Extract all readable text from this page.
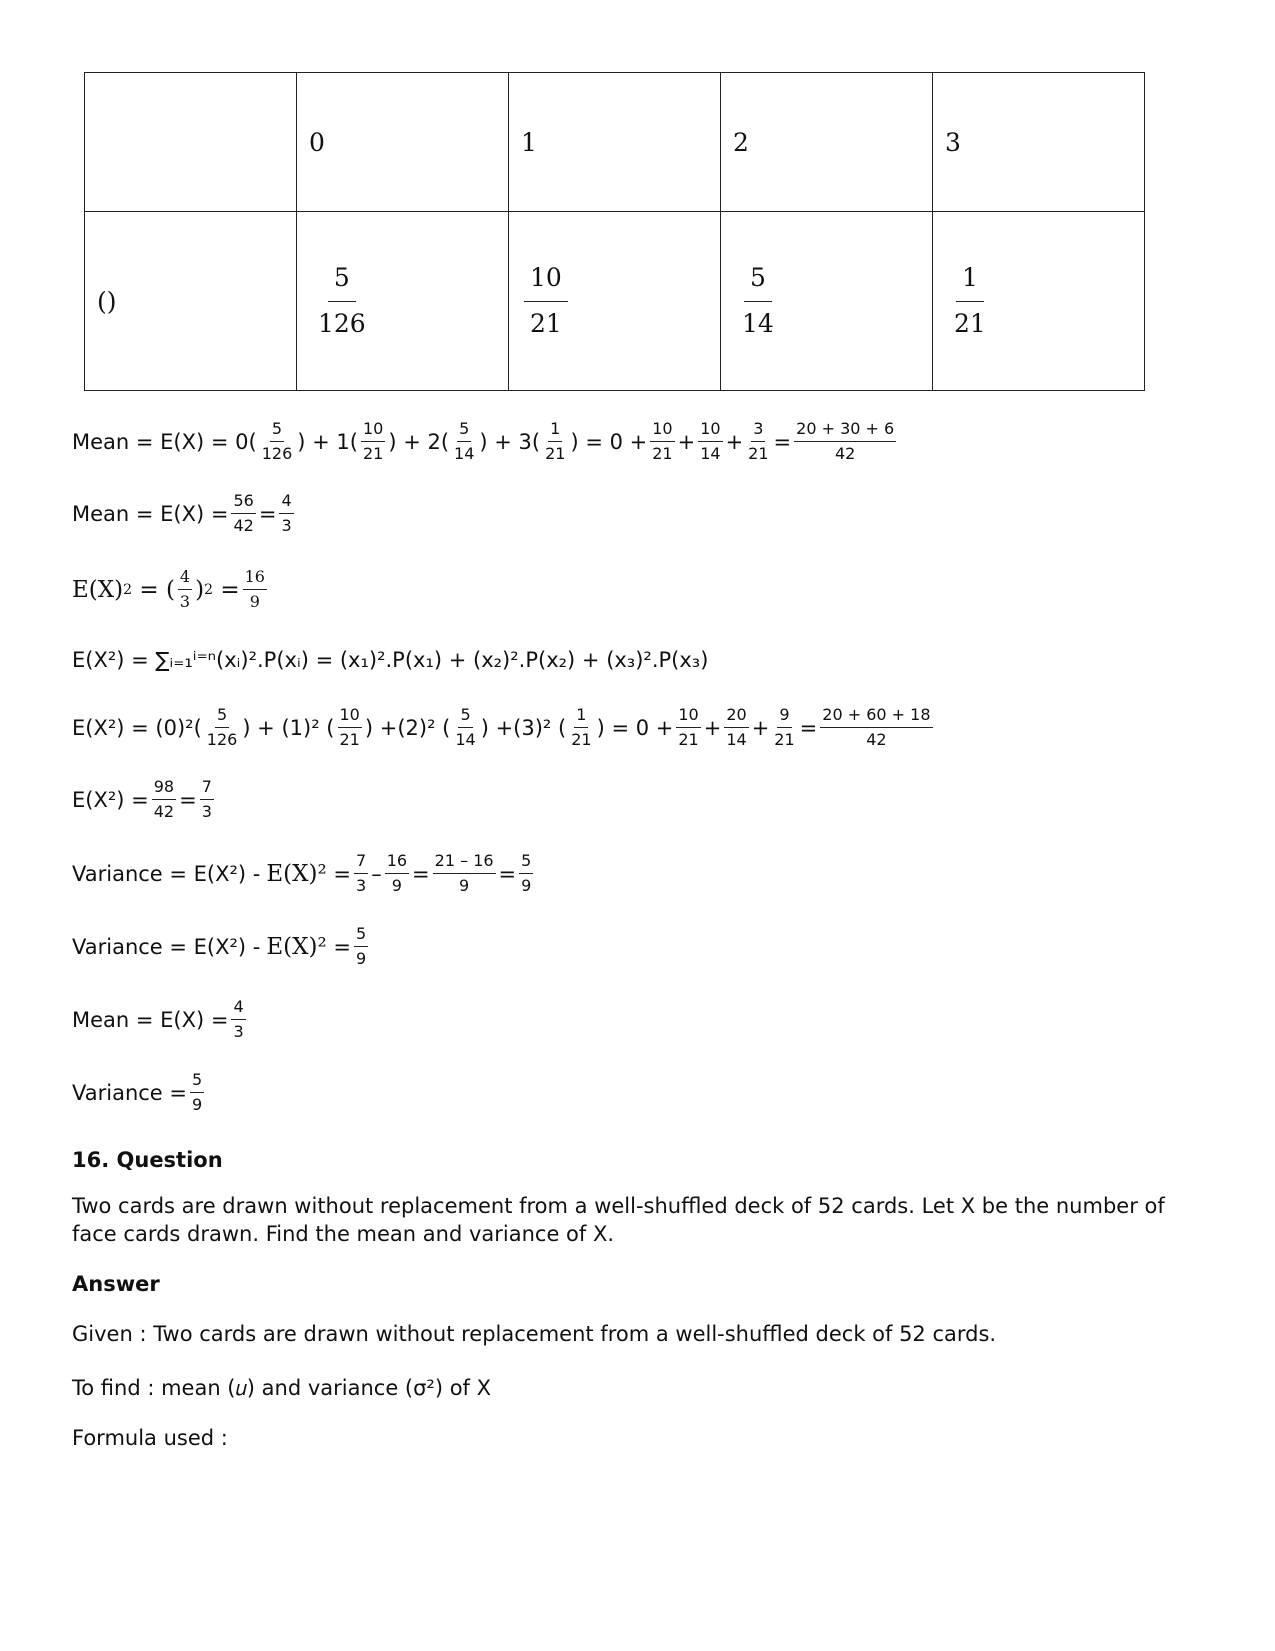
	0	1	2	3
()	$\frac{5}{126}$	$\frac{10}{21}$	$\frac{5}{14}$	$\frac{1}{21}$
Mean = $E(X) = 0( \frac{5}{126}$ ) + $1( \frac{10}{21}$ ) + $2( \frac{5}{14}$ ) + $3( \frac{1}{21}$ ) = $0 + \frac{10}{21} + \frac{10}{14} + \frac{3}{21} = \frac{20 + 30 + 6}{42}$
Mean = $E(X) = \frac{56}{42} = \frac{4}{3}$
E(X) 2 = ( $\frac{4}{3}$ ) $2 = \frac{16}{9}$
E(X²) = ∑ᵢ₌₁ⁱ⁼ⁿ(xᵢ)².P(xᵢ) = (x₁)².P(x₁) + (x₂)².P(x₂) + (x₃)².P(x₃)
$E(X^2) = (0)^2( \frac{5}{126}$ ) + (1)² ( $\frac{10}{21}$ ) +(2)² ( $\frac{5}{14}$ ) +(3)² ( $\frac{1}{21}$ ) = $0 + \frac{10}{21} + \frac{20}{14} + \frac{9}{21} = \frac{20 + 60 + 18}{42}$
$E(X^2) = \frac{98}{42} = \frac{7}{3}$
Variance = $E(X^2) - E(X)^2 = \frac{7}{3} - \frac{16}{9} = \frac{21 - 16}{9} = \frac{5}{9}$
Variance = $E(X^2) - E(X)^2 = \frac{5}{9}$
Mean = $E(X) = \frac{4}{3}$
Variance = $\frac{5}{9}$
16. Question
Two cards are drawn without replacement from a well-shuffled deck of 52 cards. Let X be the number of face cards drawn. Find the mean and variance of X.
Answer
Given : Two cards are drawn without replacement from a well-shuffled deck of 52 cards.
To find : mean (𝑢) and variance (σ²) of X
Formula used :
